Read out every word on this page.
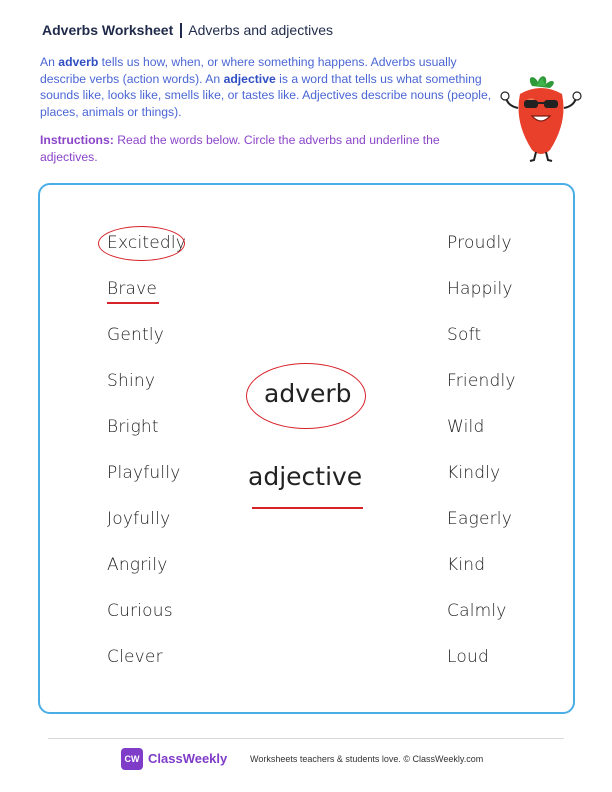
Adverbs Worksheet Adverbs and adjectives
An adverb tells us how, when, or where something happens. Adverbs usually describe verbs (action words). An adjective is a word that tells us what something sounds like, looks like, smells like, or tastes like. Adjectives describe nouns (people, places, animals or things).
Instructions: Read the words below. Circle the adverbs and underline the adjectives.
Excitedly
Brave
Gently
Shiny
Bright
Playfully
Joyfully
Angrily
Curious
Clever
Proudly
Happily
Soft
Friendly
Wild
Kindly
Eagerly
Kind
Calmly
Loud
adverb
adjective
CW ClassWeekly	Worksheets teachers & students love. © ClassWeekly.com
